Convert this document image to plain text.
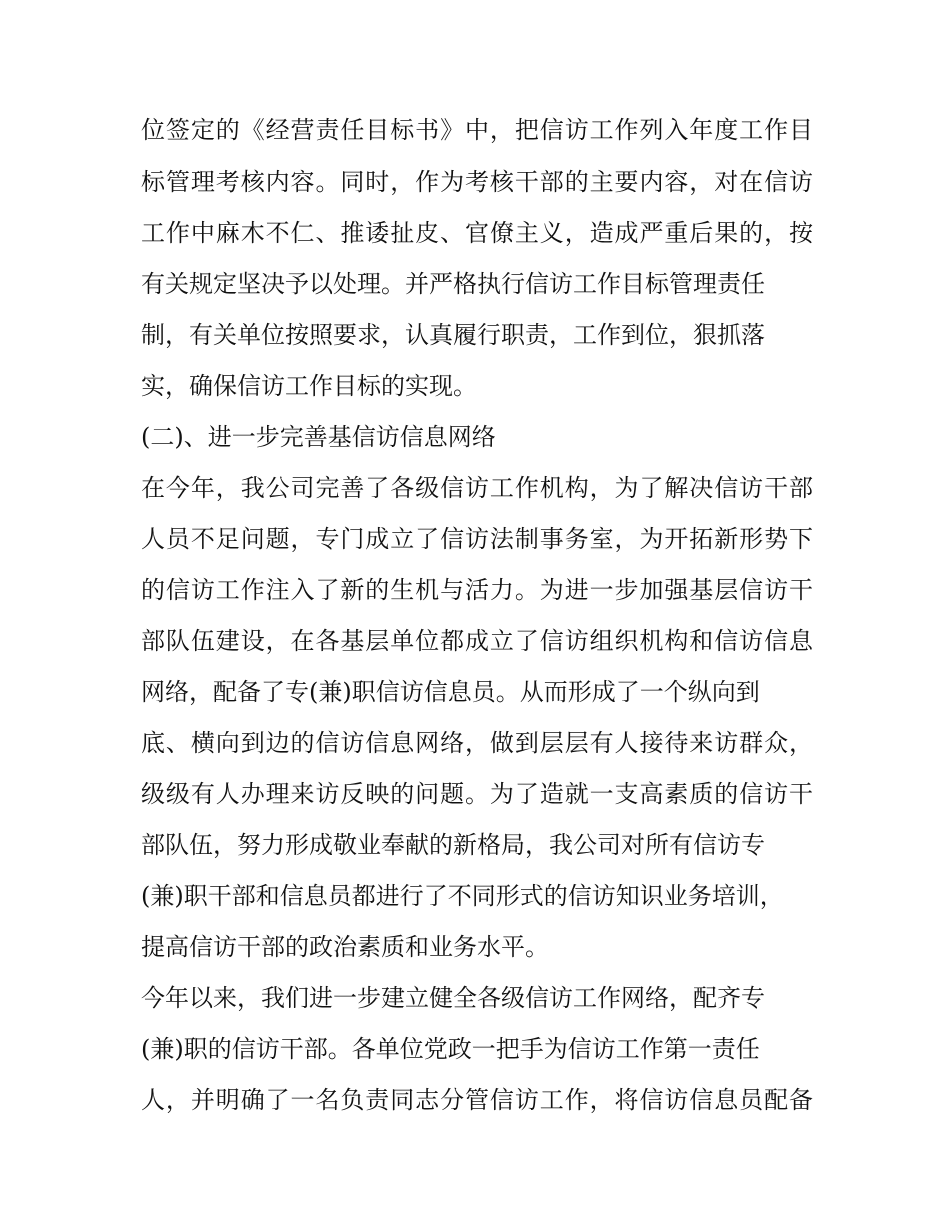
位签定的《经营责任目标书》中，把信访工作列入年度工作目
标管理考核内容。同时，作为考核干部的主要内容，对在信访
工作中麻木不仁、推诿扯皮、官僚主义，造成严重后果的，按
有关规定坚决予以处理。并严格执行信访工作目标管理责任
制，有关单位按照要求，认真履行职责，工作到位，狠抓落
实，确保信访工作目标的实现。
(二)、进一步完善基信访信息网络
在今年，我公司完善了各级信访工作机构，为了解决信访干部
人员不足问题，专门成立了信访法制事务室，为开拓新形势下
的信访工作注入了新的生机与活力。为进一步加强基层信访干
部队伍建设，在各基层单位都成立了信访组织机构和信访信息
网络，配备了专(兼)职信访信息员。从而形成了一个纵向到
底、横向到边的信访信息网络，做到层层有人接待来访群众，
级级有人办理来访反映的问题。为了造就一支高素质的信访干
部队伍，努力形成敬业奉献的新格局，我公司对所有信访专
(兼)职干部和信息员都进行了不同形式的信访知识业务培训，
提高信访干部的政治素质和业务水平。
今年以来，我们进一步建立健全各级信访工作网络，配齐专
(兼)职的信访干部。各单位党政一把手为信访工作第一责任
人，并明确了一名负责同志分管信访工作，将信访信息员配备
